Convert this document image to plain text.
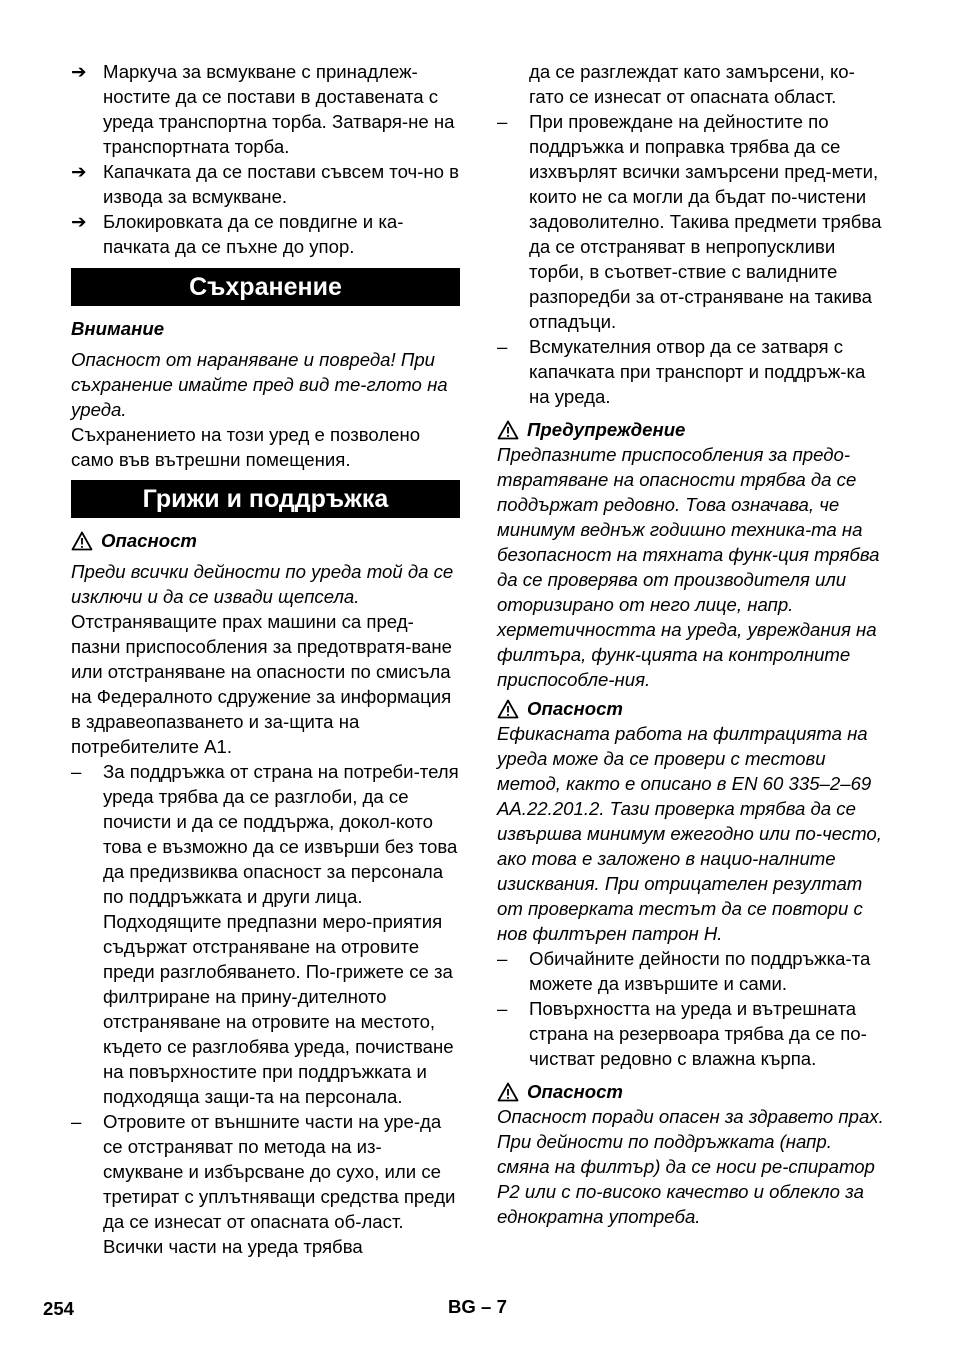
➔ Маркуча за всмукване с принадлеж-ностите да се постави в доставената с уреда транспортна торба. Затваря-не на транспортната торба.
➔ Капачката да се постави съвсем точ-но в извода за всмукване.
➔ Блокировката да се повдигне и ка-пачката да се пъхне до упор.
Съхранение

Внимание

Опасност от нараняване и повреда! При съхранение имайте пред вид те-глото на уреда.

Съхранението на този уред е позволено само във вътрешни помещения.

Грижи и поддръжка
Опасност

Преди всички дейности по уреда той да се изключи и да се извади щепсела.

Отстраняващите прах машини са пред-пазни приспособления за предотвратя-ване или отстраняване на опасности по смисъла на Федералното сдружение за информация в здравеопазването и за-щита на потребителите A1.

–	За поддръжка от страна на потреби-теля уреда трябва да се разглоби, да се почисти и да се поддържа, докол-кото това е възможно да се извърши без това да предизвиква опасност за персонала по поддръжката и други лица. Подходящите предпазни меро-приятия съдържат отстраняване на отровите преди разглобяването. По-грижете се за филтриране на прину-дителното отстраняване на отровите на местото, където се разглобява уреда, почистване на повърхностите при поддръжката и подходяща защи-та на персонала.
–	Отровите от външните части на уре-да се отстраняват по метода на из-смукване и избърсване до сухо, или се третират с уплътняващи средства преди да се изнесат от опасната об-ласт. Всички части на уреда трябва
да се разглеждат като замърсени, ко-гато се изнесат от опасната област.
–	При провеждане на дейностите по поддръжка и поправка трябва да се изхвърлят всички замърсени пред-мети, които не са могли да бъдат по-чистени задоволително. Такива предмети трябва да се отстраняват в непропускливи торби, в съответ-ствие с валидните разпоредби за от-страняване на такива отпадъци.
–	Всмукателния отвор да се затваря с капачката при транспорт и поддръж-ка на уреда.
Предупреждение

Предпазните приспособления за предо-твратяване на опасности трябва да се поддържат редовно. Това означава, че минимум веднъж годишно техника-та на безопасност на тяхната функ-ция трябва да се проверява от производителя или оторизирано от него лице, напр. херметичността на уреда, увреждания на филтъра, функ-цията на контролните приспособле-ния.

Опасност

Ефикасната работа на филтрацията на уреда може да се провери с тестови метод, както е описано в EN 60 335–2–69 AA.22.201.2. Тази проверка трябва да се извършва минимум ежегодно или по-често, ако това е заложено в нацио-налните изисквания. При отрицателен резултат от проверката тестът да се повтори с нов филтърен патрон H.

–	Обичайните дейности по поддръжка-та можете да извършите и сами.
–	Повърхността на уреда и вътрешната страна на резервоара трябва да се по-чистват редовно с влажна кърпа.
Опасност

Опасност поради опасен за здравето прах. При дейности по поддръжката (напр. смяна на филтър) да се носи ре-спиратор P2 или с по-високо качество и облекло за еднократна употреба.

254	BG – 7
